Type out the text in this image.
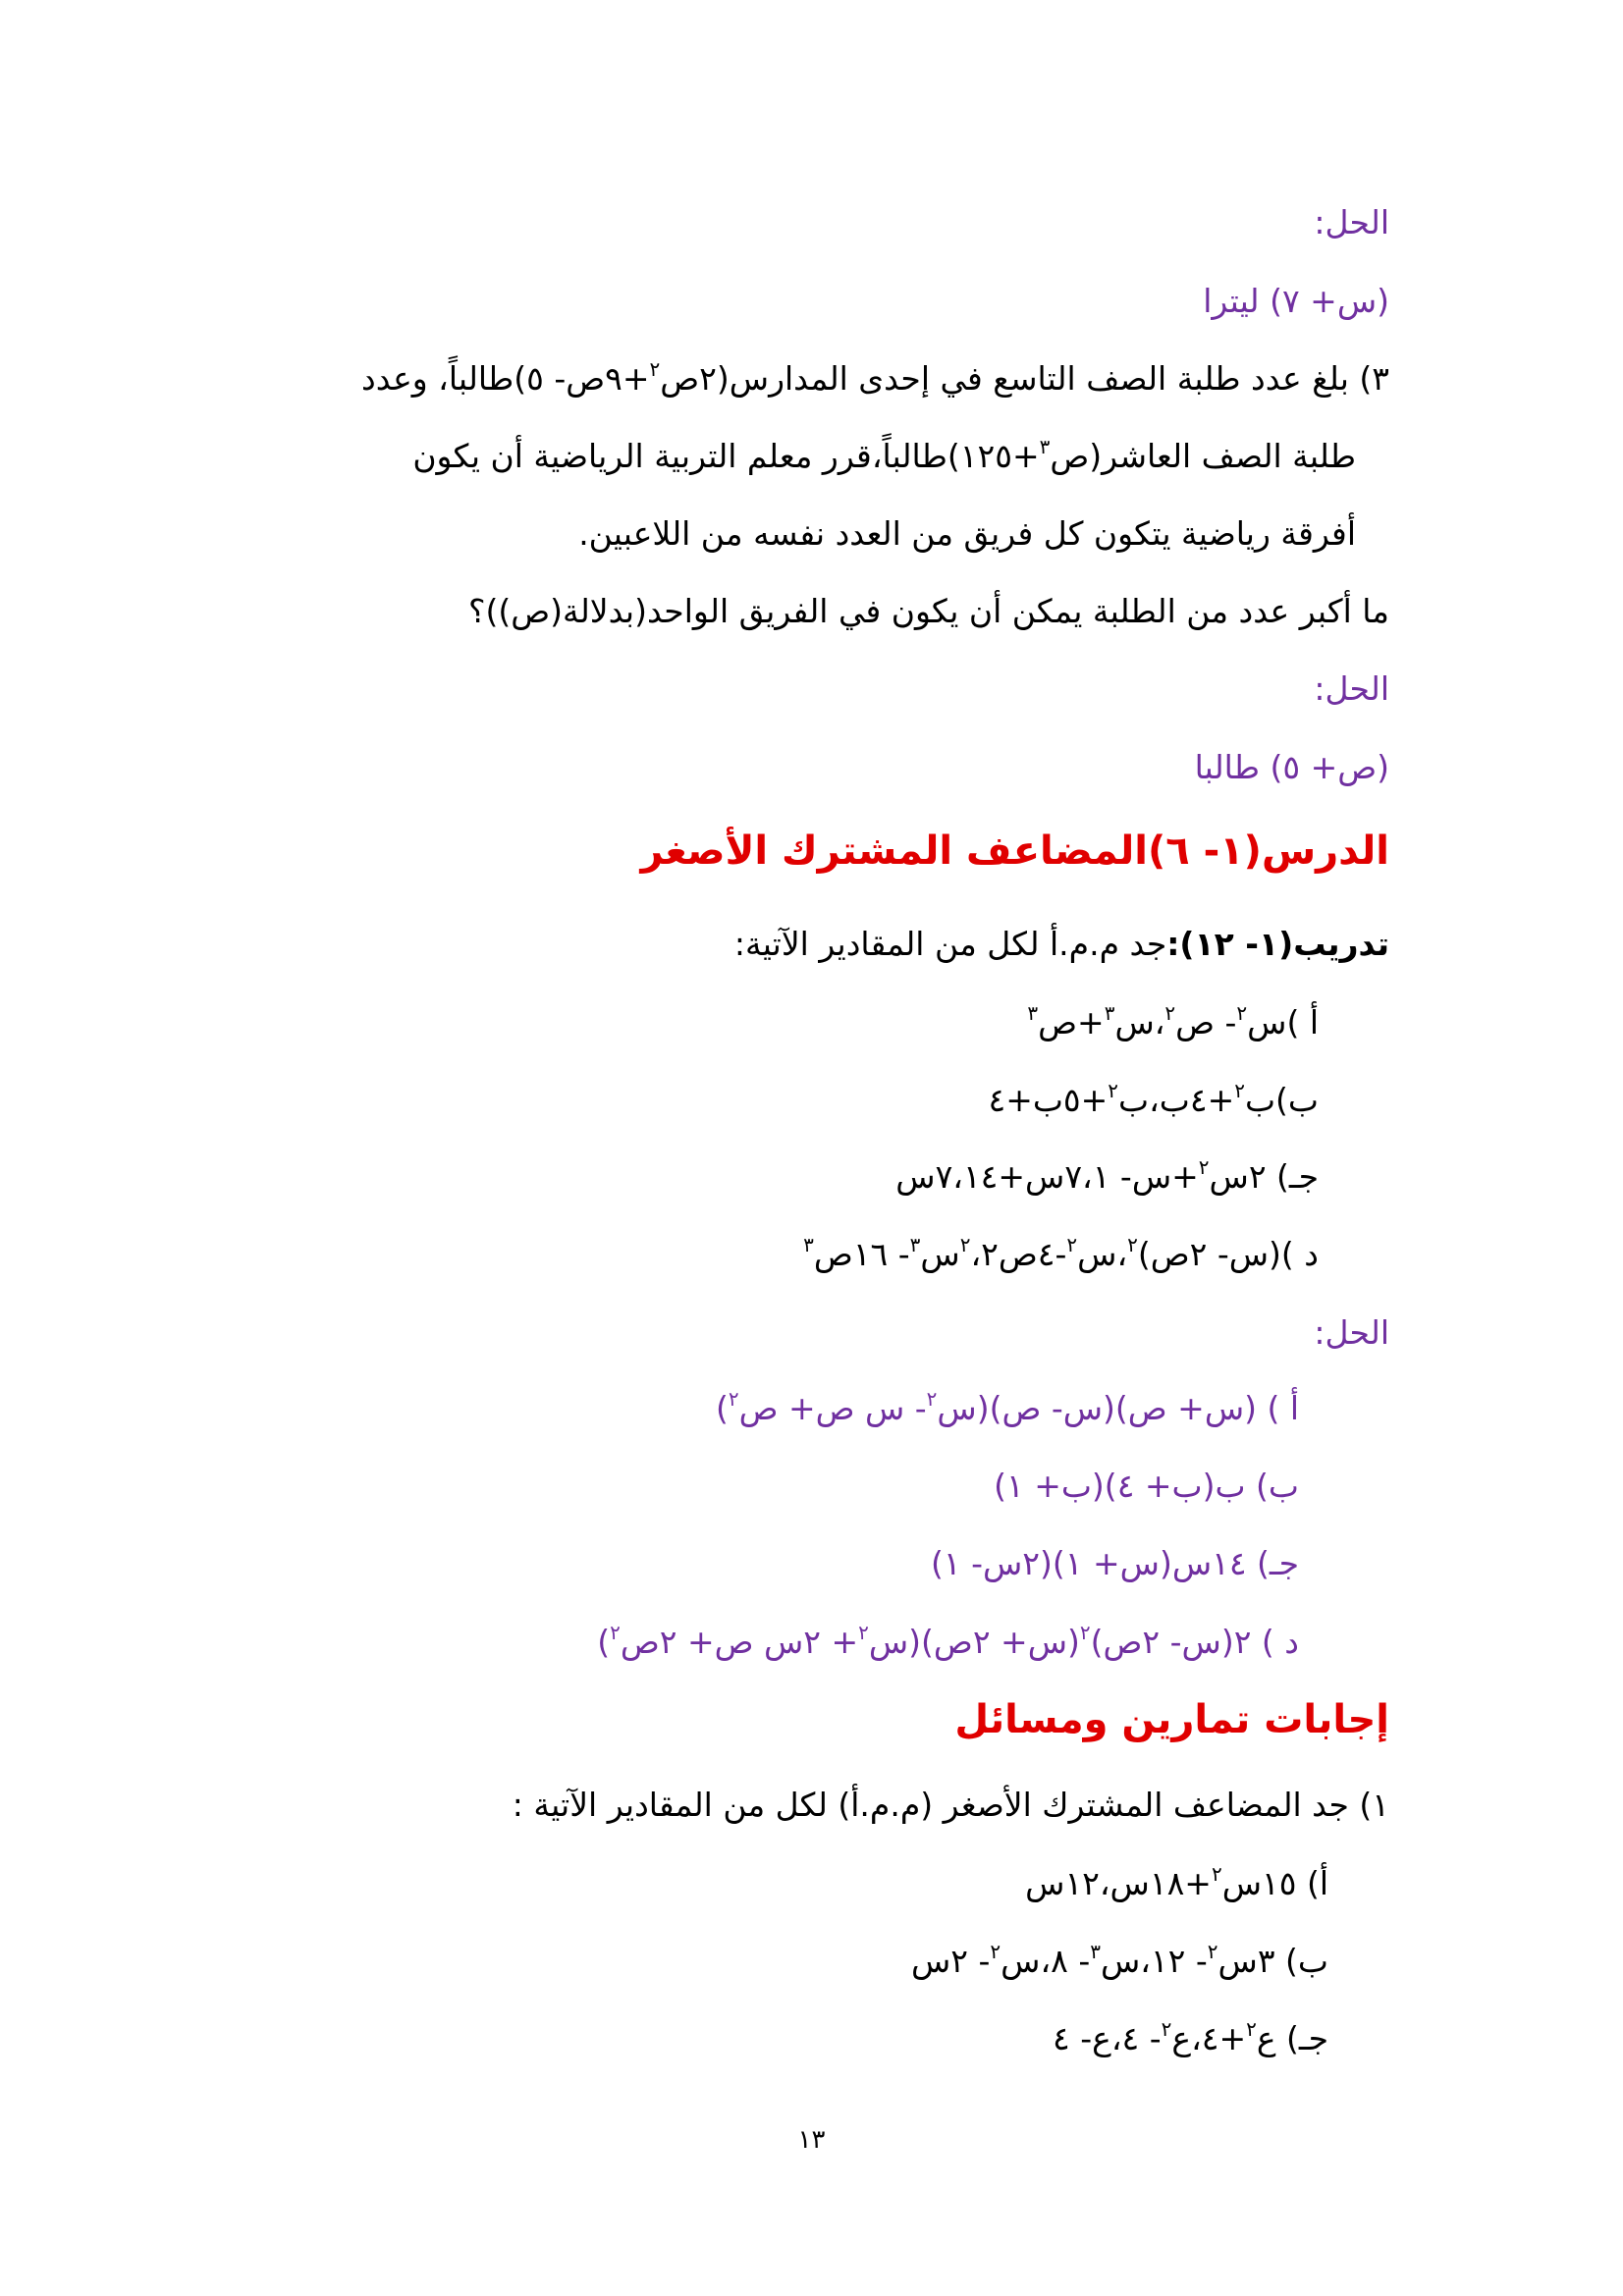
الحل:
(س+ ٧) ليترا
٣) بلغ عدد طلبة الصف التاسع في إحدى المدارس(٢ص$^٢$+٩ص- ٥)طالباً، وعدد
طلبة الصف العاشر(ص$^٣$+١٢٥)طالباً،قرر معلم التربية الرياضية أن يكون
أفرقة رياضية يتكون كل فريق من العدد نفسه من اللاعبين.
ما أكبر عدد من الطلبة يمكن أن يكون في الفريق الواحد(بدلالة(ص))؟
الحل:
(ص+ ٥) طالبا
الدرس(١- ٦)المضاعف المشترك الأصغر
تدريب(١- ١٢):جد م.م.أ لكل من المقادير الآتية:
أ )س$^٢$- ص$^٢$،س$^٣$+ص$^٣$
ب)ب$^٢$+٤ب،ب$^٢$+٥ب+٤
جـ) ٢س$^٢$+س- ٧،١س+٧،١٤س
د )(س- ٢ص)$^٢$،س$^٢$-٤ص$^٢$،٢س$^٣$- ١٦ص$^٣$
الحل:
أ ) (س+ ص)(س- ص)(س$^٢$- س ص+ ص$^٢$)
ب) ب(ب+ ٤)(ب+ ١)
جـ) ١٤س(س+ ١)(٢س- ١)
د ) ٢(س- ٢ص)$^٢$(س+ ٢ص)(س$^٢$+ ٢س ص+ ٢ص$^٢$)
إجابات تمارين ومسائل
١) جد المضاعف المشترك الأصغر (م.م.أ) لكل من المقادير الآتية :
أ) ١٥س$^٢$+١٨س،١٢س
ب) ٣س$^٢$- ١٢،س$^٣$- ٨،س$^٢$- ٢س
جـ) ع$^٢$+٤،ع$^٢$- ٤،ع- ٤
١٣
